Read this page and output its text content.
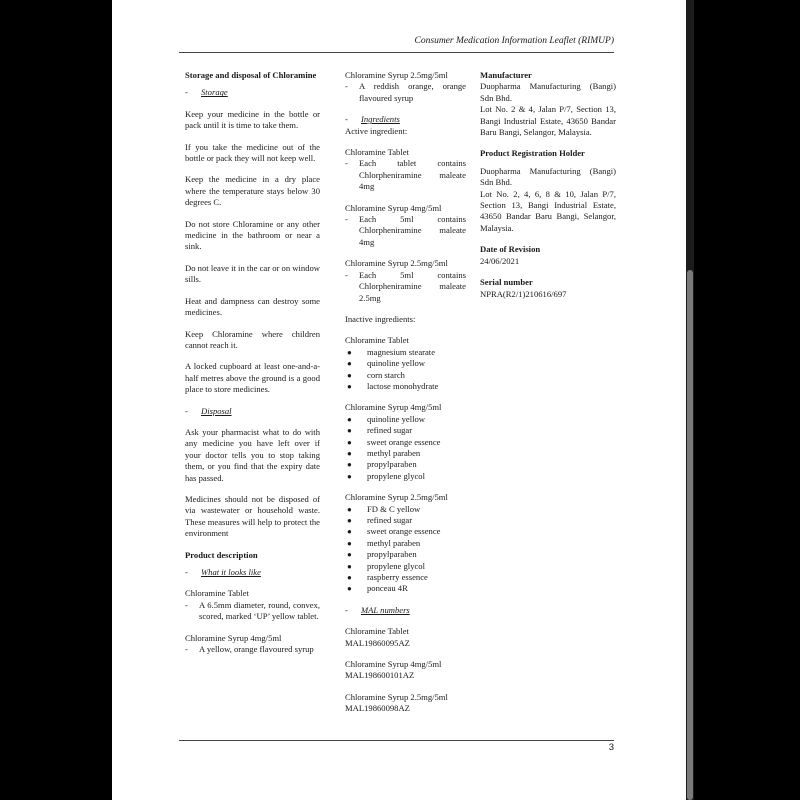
Consumer Medication Information Leaflet (RIMUP)
Storage and disposal of Chloramine
-	Storage
Keep your medicine in the bottle or pack until it is time to take them.
If you take the medicine out of the bottle or pack they will not keep well.
Keep the medicine in a dry place where the temperature stays below 30 degrees C.
Do not store Chloramine or any other medicine in the bathroom or near a sink.
Do not leave it in the car or on window sills.
Heat and dampness can destroy some medicines.
Keep Chloramine where children cannot reach it.
A locked cupboard at least one-and-a-half metres above the ground is a good place to store medicines.
-	Disposal
Ask your pharmacist what to do with any medicine you have left over if your doctor tells you to stop taking them, or you find that the expiry date has passed.
Medicines should not be disposed of via wastewater or household waste. These measures will help to protect the environment
Product description
-	What it looks like
Chloramine Tablet
-	A 6.5mm diameter, round, convex, scored, marked ‘UP’ yellow tablet.
Chloramine Syrup 4mg/5ml
-	A yellow, orange flavoured syrup
Chloramine Syrup 2.5mg/5ml
-	A reddish orange, orange flavoured syrup
-	Ingredients
Active ingredient:
Chloramine Tablet
-	Each tablet contains Chlorpheniramine maleate 4mg
Chloramine Syrup 4mg/5ml
-	Each 5ml contains Chlorpheniramine maleate 4mg
Chloramine Syrup 2.5mg/5ml
-	Each 5ml contains Chlorpheniramine maleate 2.5mg
Inactive ingredients:
Chloramine Tablet
●	magnesium stearate
●	quinoline yellow
●	corn starch
●	lactose monohydrate
Chloramine Syrup 4mg/5ml
●	quinoline yellow
●	refined sugar
●	sweet orange essence
●	methyl paraben
●	propylparaben
●	propylene glycol
Chloramine Syrup 2.5mg/5ml
●	FD & C yellow
●	refined sugar
●	sweet orange essence
●	methyl paraben
●	propylparaben
●	propylene glycol
●	raspberry essence
●	ponceau 4R
-	MAL numbers
Chloramine Tablet
MAL19860095AZ
Chloramine Syrup 4mg/5ml
MAL198600101AZ
Chloramine Syrup 2.5mg/5ml
MAL19860098AZ
Manufacturer
Duopharma Manufacturing (Bangi) Sdn Bhd.
Lot No. 2 & 4, Jalan P/7, Section 13, Bangi Industrial Estate, 43650 Bandar Baru Bangi, Selangor, Malaysia.
Product Registration Holder
Duopharma Manufacturing (Bangi) Sdn Bhd.
Lot No. 2, 4, 6, 8 & 10, Jalan P/7, Section 13, Bangi Industrial Estate, 43650 Bandar Baru Bangi, Selangor, Malaysia.
Date of Revision
24/06/2021
Serial number
NPRA(R2/1)210616/697
3
